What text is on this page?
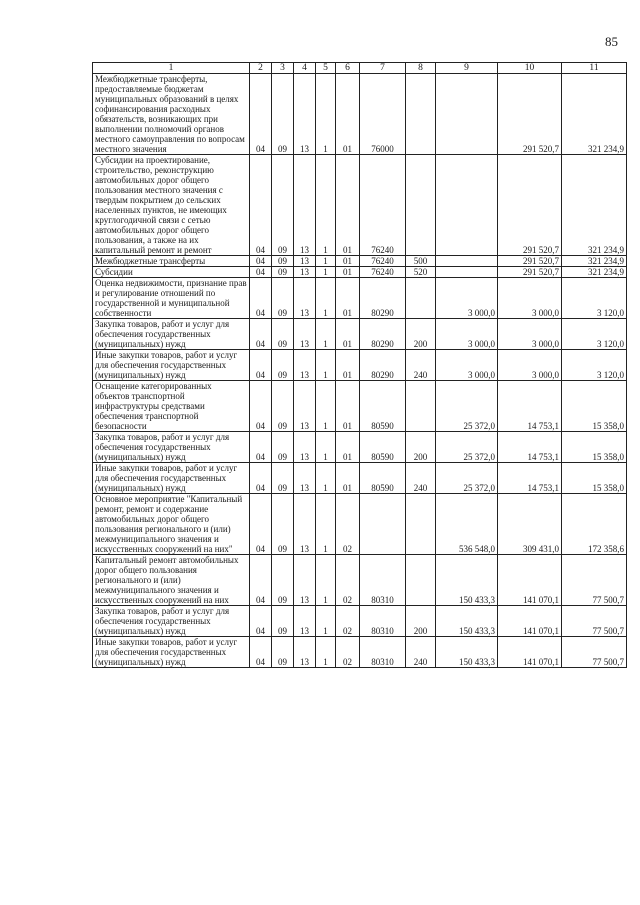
85
1	2	3	4	5	6	7	8	9	10	11
Межбюджетные трансферты, предоставляемые бюджетам муниципальных образований в целях софинансирования расходных обязательств, возникающих при выполнении полномочий органов местного самоуправления по вопросам местного значения	04	09	13	1	01	76000			291 520,7	321 234,9
Субсидии на проектирование, строительство, реконструкцию автомобильных дорог общего пользования местного значения с твердым покрытием до сельских населенных пунктов, не имеющих круглогодичной связи с сетью автомобильных дорог общего пользования, а также на их капитальный ремонт и ремонт	04	09	13	1	01	76240			291 520,7	321 234,9
Межбюджетные трансферты	04	09	13	1	01	76240	500		291 520,7	321 234,9
Субсидии	04	09	13	1	01	76240	520		291 520,7	321 234,9
Оценка недвижимости, признание прав и регулирование отношений по государственной и муниципальной собственности	04	09	13	1	01	80290		3 000,0	3 000,0	3 120,0
Закупка товаров, работ и услуг для обеспечения государственных (муниципальных) нужд	04	09	13	1	01	80290	200	3 000,0	3 000,0	3 120,0
Иные закупки товаров, работ и услуг для обеспечения государственных (муниципальных) нужд	04	09	13	1	01	80290	240	3 000,0	3 000,0	3 120,0
Оснащение категорированных объектов транспортной инфраструктуры средствами обеспечения транспортной безопасности	04	09	13	1	01	80590		25 372,0	14 753,1	15 358,0
Закупка товаров, работ и услуг для обеспечения государственных (муниципальных) нужд	04	09	13	1	01	80590	200	25 372,0	14 753,1	15 358,0
Иные закупки товаров, работ и услуг для обеспечения государственных (муниципальных) нужд	04	09	13	1	01	80590	240	25 372,0	14 753,1	15 358,0
Основное мероприятие "Капитальный ремонт, ремонт и содержание автомобильных дорог общего пользования регионального и (или) межмуниципального значения и искусственных сооружений на них"	04	09	13	1	02			536 548,0	309 431,0	172 358,6
Капитальный ремонт автомобильных дорог общего пользования регионального и (или) межмуниципального значения и искусственных сооружений на них	04	09	13	1	02	80310		150 433,3	141 070,1	77 500,7
Закупка товаров, работ и услуг для обеспечения государственных (муниципальных) нужд	04	09	13	1	02	80310	200	150 433,3	141 070,1	77 500,7
Иные закупки товаров, работ и услуг для обеспечения государственных (муниципальных) нужд	04	09	13	1	02	80310	240	150 433,3	141 070,1	77 500,7
